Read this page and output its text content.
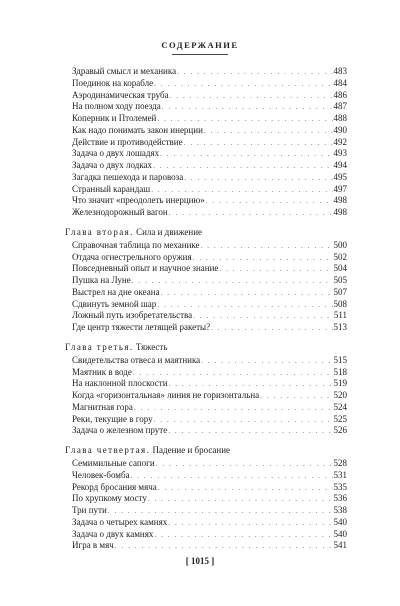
СОДЕРЖАНИЕ
Здравый смысл и механика . . .	483
Поединок на корабле . . .	484
Аэродинамическая труба . . .	486
На полном ходу поезда . . .	487
Коперник и Птолемей . . .	488
Как надо понимать закон инерции . . .	490
Действие и противодействие . . .	492
Задача о двух лошадях . . .	493
Задача о двух лодках . . .	494
Загадка пешехода и паровоза . . .	495
Странный карандаш . . .	497
Что значит «преодолеть инерцию» . . .	498
Железнодорожный вагон . . .	498
Глава вторая. Сила и движение
Справочная таблица по механике . . .	500
Отдача огнестрельного оружия . . .	502
Повседневный опыт и научное знание . . .	504
Пушка на Луне . . .	505
Выстрел на дне океана . . .	507
Сдвинуть земной шар . . .	508
Ложный путь изобретательства . . .	511
Где центр тяжести летящей ракеты? . . .	513
Глава третья. Тяжесть
Свидетельства отвеса и маятника . . .	515
Маятник в воде . . .	518
На наклонной плоскости . . .	519
Когда «горизонтальная» линия не горизонтальна . . .	520
Магнитная гора . . .	524
Реки, текущие в гору . . .	525
Задача о железном пруте . . .	526
Глава четвертая. Падение и бросание
Семимильные сапоги . . .	528
Человек-бомба . . .	531
Рекорд бросания мяча . . .	535
По хрупкому мосту . . .	536
Три пути . . .	538
Задача о четырех камнях . . .	540
Задача о двух камнях . . .	540
Игра в мяч . . .	541
[ 1015 ]
